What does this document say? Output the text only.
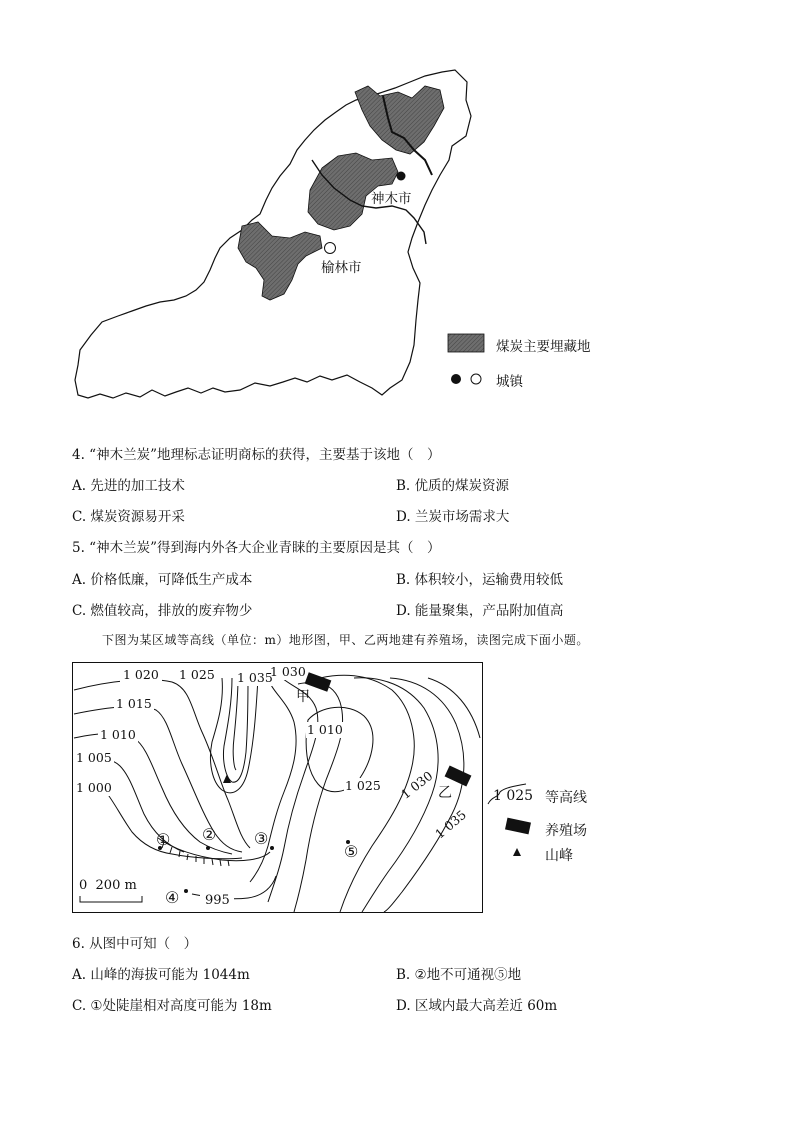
神木市
榆林市
煤炭主要埋藏地
城镇
4. “神木兰炭”地理标志证明商标的获得，主要基于该地（　）
A. 先进的加工技术	B. 优质的煤炭资源
C. 煤炭资源易开采	D. 兰炭市场需求大
5. “神木兰炭”得到海内外各大企业青睐的主要原因是其（　）
A. 价格低廉，可降低生产成本	B. 体积较小，运输费用较低
C. 燃值较高，排放的废弃物少	D. 能量聚集，产品附加值高
下图为某区域等高线（单位：m）地形图，甲、乙两地建有养殖场，读图完成下面小题。
1 020 1 025 1 035
1 030
1 015
1 010
1 005
1 000
1 010
1 025 1 030
1 035
995
甲
乙
① ② ③
④
⑤
0  200 m
1 025 等高线
养殖场
山峰
6. 从图中可知（　）
A. 山峰的海拔可能为 1044m	B. ②地不可通视⑤地
C. ①处陡崖相对高度可能为 18m	D. 区域内最大高差近 60m
